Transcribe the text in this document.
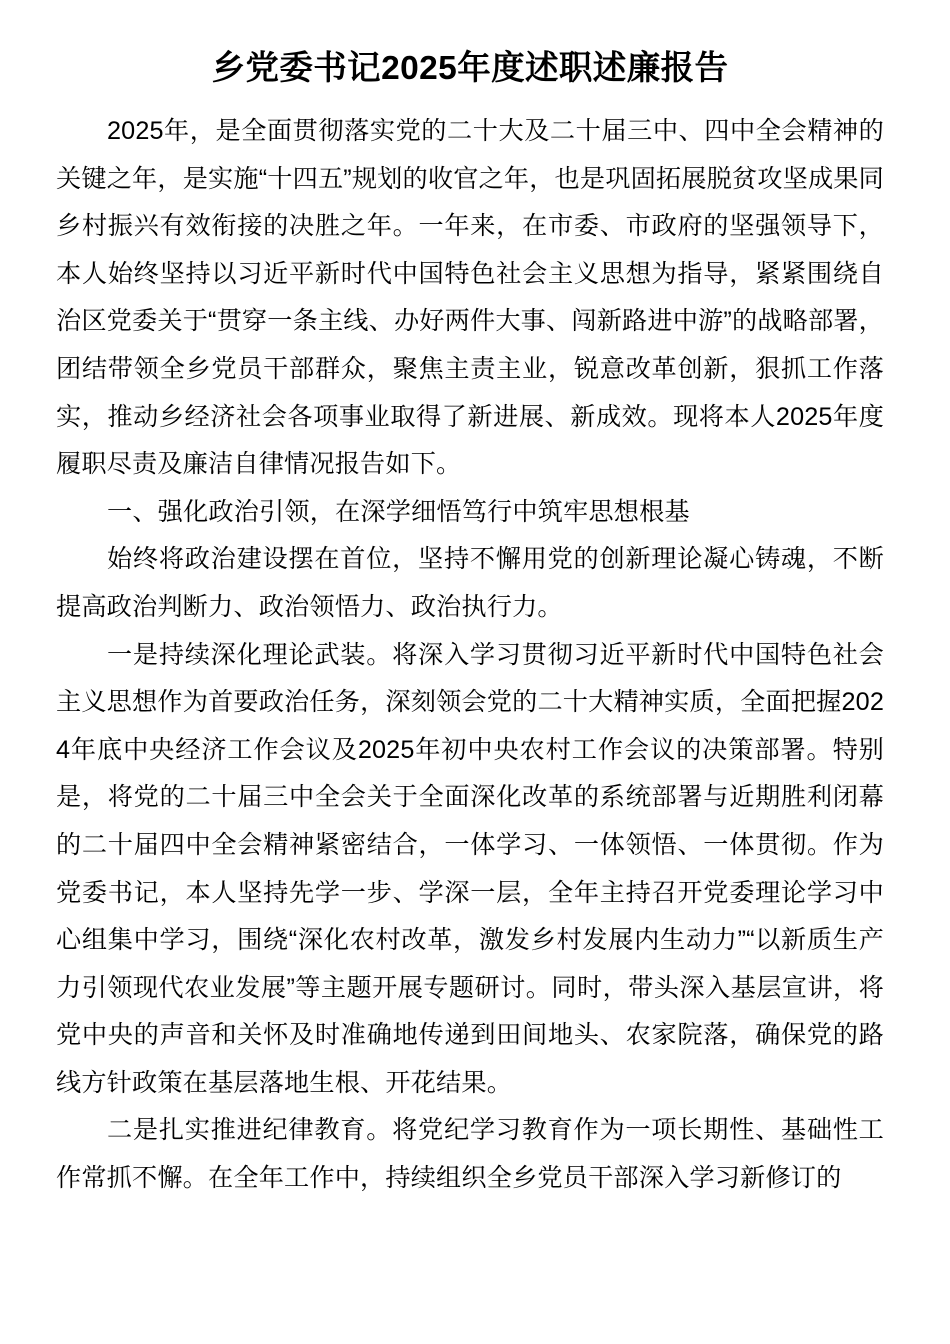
乡党委书记2025年度述职述廉报告

2025年，是全面贯彻落实党的二十大及二十届三中、四中全会精神的关键之年，是实施“十四五”规划的收官之年，也是巩固拓展脱贫攻坚成果同乡村振兴有效衔接的决胜之年。一年来，在市委、市政府的坚强领导下，本人始终坚持以习近平新时代中国特色社会主义思想为指导，紧紧围绕自治区党委关于“贯穿一条主线、办好两件大事、闯新路进中游”的战略部署，团结带领全乡党员干部群众，聚焦主责主业，锐意改革创新，狠抓工作落实，推动乡经济社会各项事业取得了新进展、新成效。现将本人2025年度履职尽责及廉洁自律情况报告如下。

一、强化政治引领，在深学细悟笃行中筑牢思想根基

始终将政治建设摆在首位，坚持不懈用党的创新理论凝心铸魂，不断提高政治判断力、政治领悟力、政治执行力。

一是持续深化理论武装。将深入学习贯彻习近平新时代中国特色社会主义思想作为首要政治任务，深刻领会党的二十大精神实质，全面把握2024年底中央经济工作会议及2025年初中央农村工作会议的决策部署。特别是，将党的二十届三中全会关于全面深化改革的系统部署与近期胜利闭幕的二十届四中全会精神紧密结合，一体学习、一体领悟、一体贯彻。作为党委书记，本人坚持先学一步、学深一层，全年主持召开党委理论学习中心组集中学习，围绕“深化农村改革，激发乡村发展内生动力”“以新质生产力引领现代农业发展”等主题开展专题研讨。同时，带头深入基层宣讲，将党中央的声音和关怀及时准确地传递到田间地头、农家院落，确保党的路线方针政策在基层落地生根、开花结果。

二是扎实推进纪律教育。将党纪学习教育作为一项长期性、基础性工作常抓不懈。在全年工作中，持续组织全乡党员干部深入学习新修订的
